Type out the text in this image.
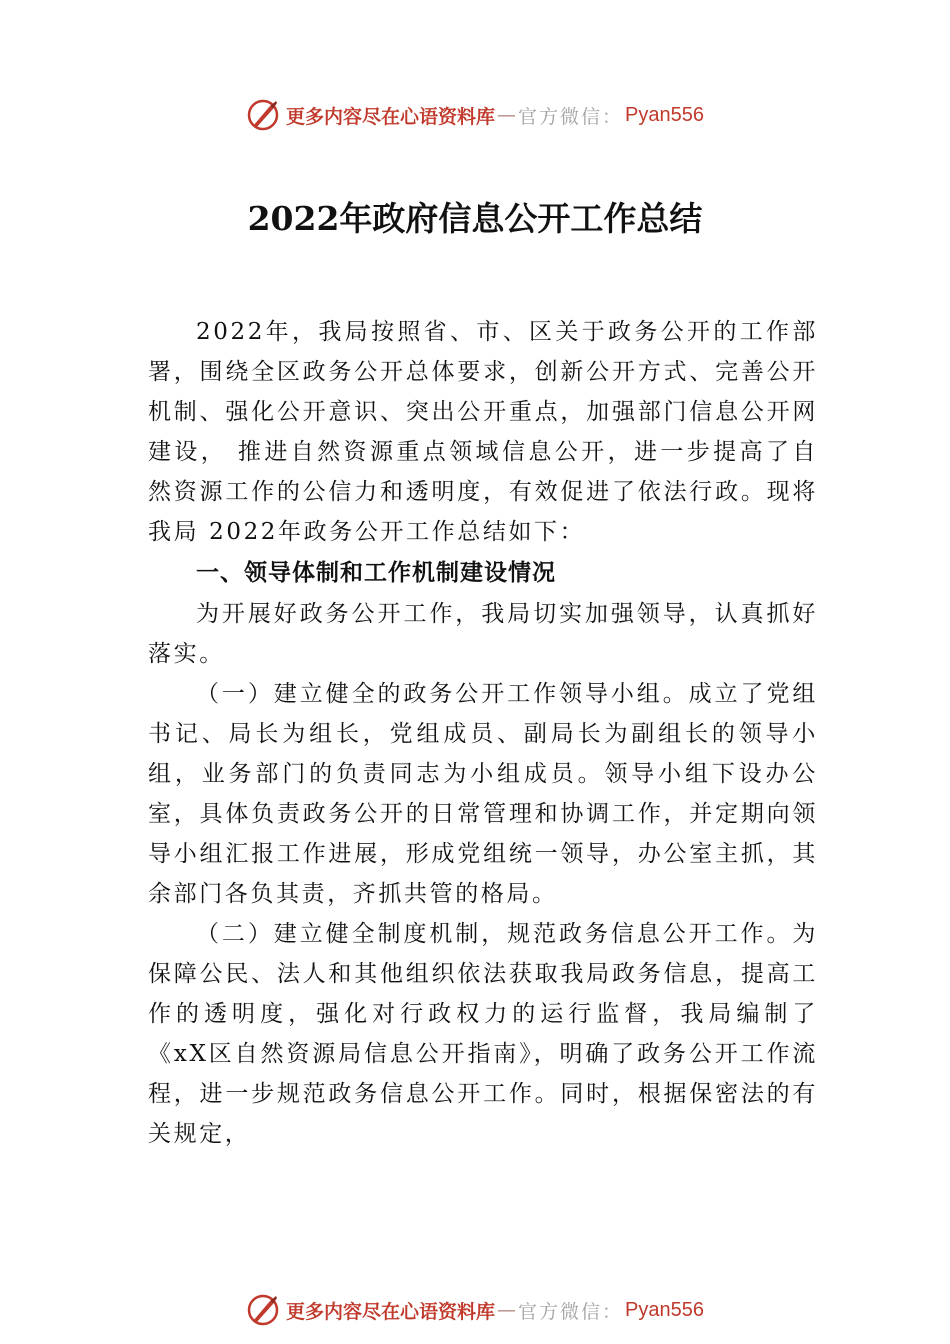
更多内容尽在心语资料库 — 官方微信： Pyan556
2022年政府信息公开工作总结

2022年，我局按照省、市、区关于政务公开的工作部署，围绕全区政务公开总体要求，创新公开方式、完善公开机制、强化公开意识、突出公开重点，加强部门信息公开网建设， 推进自然资源重点领域信息公开，进一步提高了自然资源工作的公信力和透明度，有效促进了依法行政。现将我局 2022年政务公开工作总结如下：

一、领导体制和工作机制建设情况

为开展好政务公开工作，我局切实加强领导，认真抓好落实。

（一）建立健全的政务公开工作领导小组。成立了党组书记、局长为组长，党组成员、副局长为副组长的领导小组，业务部门的负责同志为小组成员。领导小组下设办公室，具体负责政务公开的日常管理和协调工作，并定期向领导小组汇报工作进展，形成党组统一领导，办公室主抓，其余部门各负其责，齐抓共管的格局。

（二）建立健全制度机制，规范政务信息公开工作。为保障公民、法人和其他组织依法获取我局政务信息，提高工作的透明度，强化对行政权力的运行监督，我局编制了《xX区自然资源局信息公开指南》，明确了政务公开工作流程，进一步规范政务信息公开工作。同时，根据保密法的有关规定，

更多内容尽在心语资料库 — 官方微信： Pyan556
